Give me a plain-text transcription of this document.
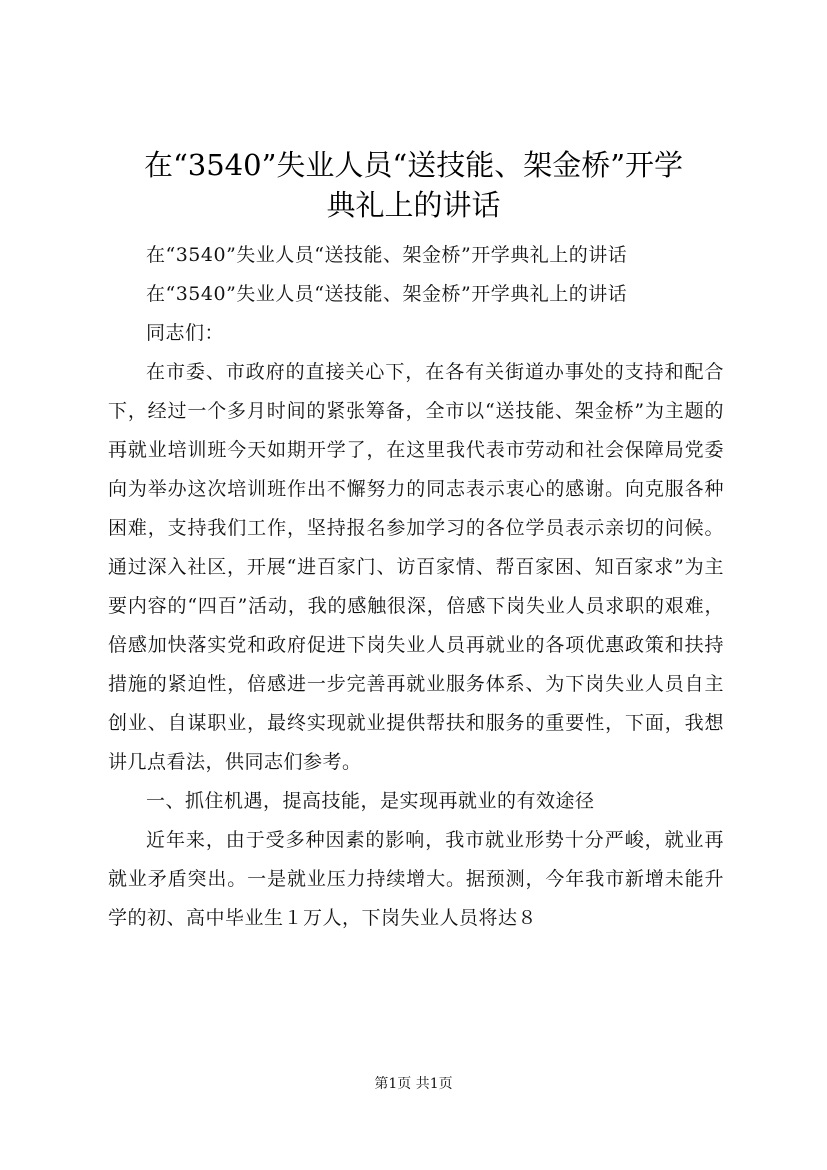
在“3540”失业人员“送技能、架金桥”开学
典礼上的讲话

在“3540”失业人员“送技能、架金桥”开学典礼上的讲话

在“3540”失业人员“送技能、架金桥”开学典礼上的讲话

同志们：

在市委、市政府的直接关心下，在各有关街道办事处的支持和配合下，经过一个多月时间的紧张筹备，全市以“送技能、架金桥”为主题的再就业培训班今天如期开学了，在这里我代表市劳动和社会保障局党委向为举办这次培训班作出不懈努力的同志表示衷心的感谢。向克服各种困难，支持我们工作，坚持报名参加学习的各位学员表示亲切的问候。通过深入社区，开展“进百家门、访百家情、帮百家困、知百家求”为主要内容的“四百”活动，我的感触很深，倍感下岗失业人员求职的艰难，倍感加快落实党和政府促进下岗失业人员再就业的各项优惠政策和扶持措施的紧迫性，倍感进一步完善再就业服务体系、为下岗失业人员自主创业、自谋职业，最终实现就业提供帮扶和服务的重要性，下面，我想讲几点看法，供同志们参考。

一、抓住机遇，提高技能，是实现再就业的有效途径

近年来，由于受多种因素的影响，我市就业形势十分严峻，就业再就业矛盾突出。一是就业压力持续增大。据预测，今年我市新增未能升学的初、高中毕业生１万人，下岗失业人员将达８

第1页 共1页
